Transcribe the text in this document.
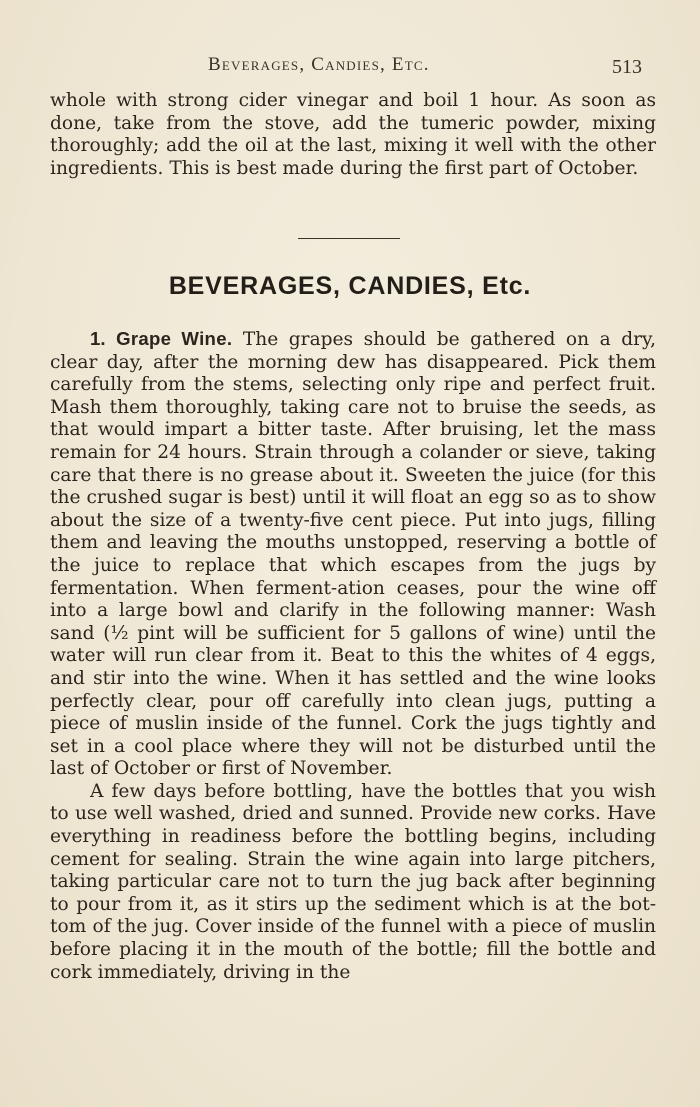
Beverages, Candies, Etc.	513

whole with strong cider vinegar and boil 1 hour. As soon as done, take from the stove, add the tumeric powder, mixing thoroughly; add the oil at the last, mixing it well with the other ingredients. This is best made during the first part of October.

BEVERAGES, CANDIES, Etc.

1. Grape Wine. The grapes should be gathered on a dry, clear day, after the morning dew has disappeared. Pick them carefully from the stems, selecting only ripe and perfect fruit. Mash them thoroughly, taking care not to bruise the seeds, as that would impart a bitter taste. After bruising, let the mass remain for 24 hours. Strain through a colander or sieve, taking care that there is no grease about it. Sweeten the juice (for this the crushed sugar is best) until it will float an egg so as to show about the size of a twenty-five cent piece. Put into jugs, filling them and leaving the mouths unstopped, reserving a bottle of the juice to replace that which escapes from the jugs by fermentation. When ferment-ation ceases, pour the wine off into a large bowl and clarify in the following manner: Wash sand (½ pint will be sufficient for 5 gallons of wine) until the water will run clear from it. Beat to this the whites of 4 eggs, and stir into the wine. When it has settled and the wine looks perfectly clear, pour off carefully into clean jugs, putting a piece of muslin inside of the funnel. Cork the jugs tightly and set in a cool place where they will not be disturbed until the last of October or first of November.

A few days before bottling, have the bottles that you wish to use well washed, dried and sunned. Provide new corks. Have everything in readiness before the bottling begins, including cement for sealing. Strain the wine again into large pitchers, taking particular care not to turn the jug back after beginning to pour from it, as it stirs up the sediment which is at the bot-tom of the jug. Cover inside of the funnel with a piece of muslin before placing it in the mouth of the bottle; fill the bottle and cork immediately, driving in the
